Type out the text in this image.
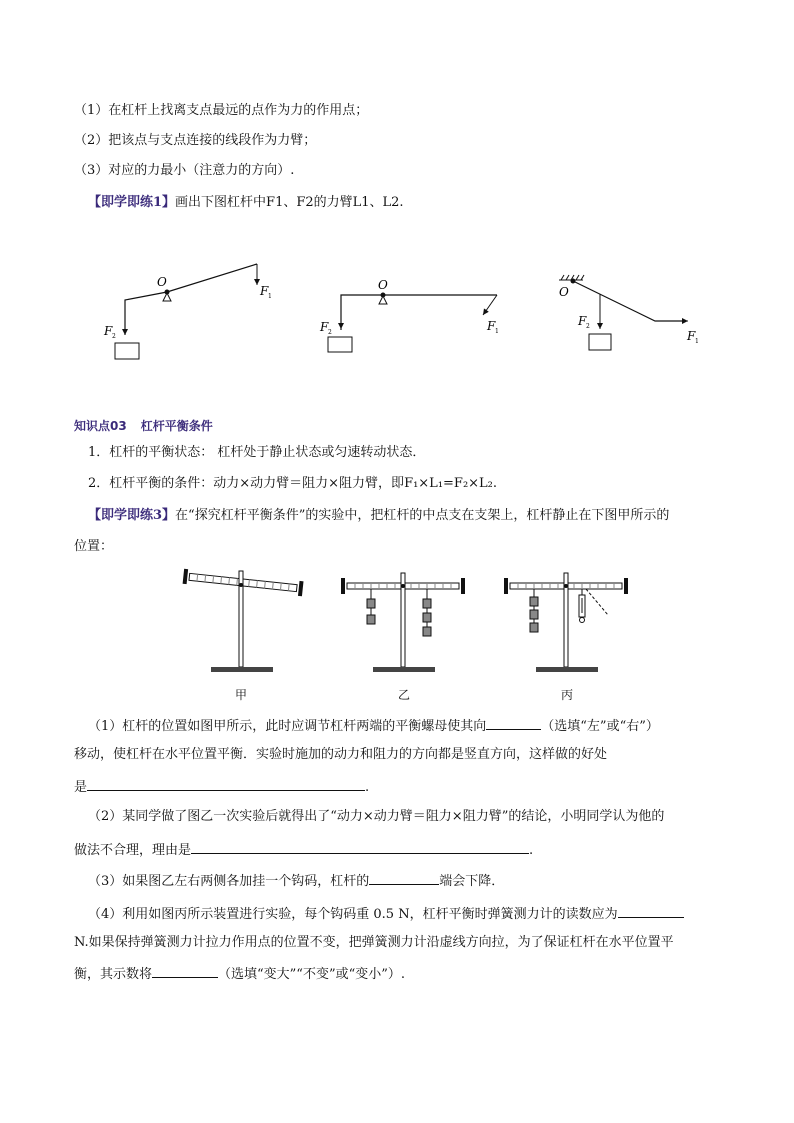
（1）在杠杆上找离支点最远的点作为力的作用点；
（2）把该点与支点连接的线段作为力臂；
（3）对应的力最小（注意力的方向）.
【即学即练1】画出下图杠杆中F1、F2的力臂L1、L2.
O
F 1
F 2
O
F 1
F 2
O
F 1
F 2
知识点03 杠杆平衡条件
1．杠杆的平衡状态： 杠杆处于静止状态或匀速转动状态．
2．杠杆平衡的条件：动力×动力臂＝阻力×阻力臂，即F₁×L₁=F₂×L₂.
【即学即练3】在“探究杠杆平衡条件”的实验中，把杠杆的中点支在支架上，杠杆静止在下图甲所示的
位置：
甲	乙	丙
（1）杠杆的位置如图甲所示，此时应调节杠杆两端的平衡螺母使其向	（选填“左”或“右”）
移动，使杠杆在水平位置平衡．实验时施加的动力和阻力的方向都是竖直方向，这样做的好处
是	.
（2）某同学做了图乙一次实验后就得出了“动力×动力臂＝阻力×阻力臂”的结论，小明同学认为他的
做法不合理，理由是	.
（3）如果图乙左右两侧各加挂一个钩码，杠杆的	端会下降．
（4）利用如图丙所示装置进行实验，每个钩码重 0.5 N，杠杆平衡时弹簧测力计的读数应为
N.如果保持弹簧测力计拉力作用点的位置不变，把弹簧测力计沿虚线方向拉，为了保证杠杆在水平位置平
衡，其示数将	（选填“变大”“不变”或“变小”）.
